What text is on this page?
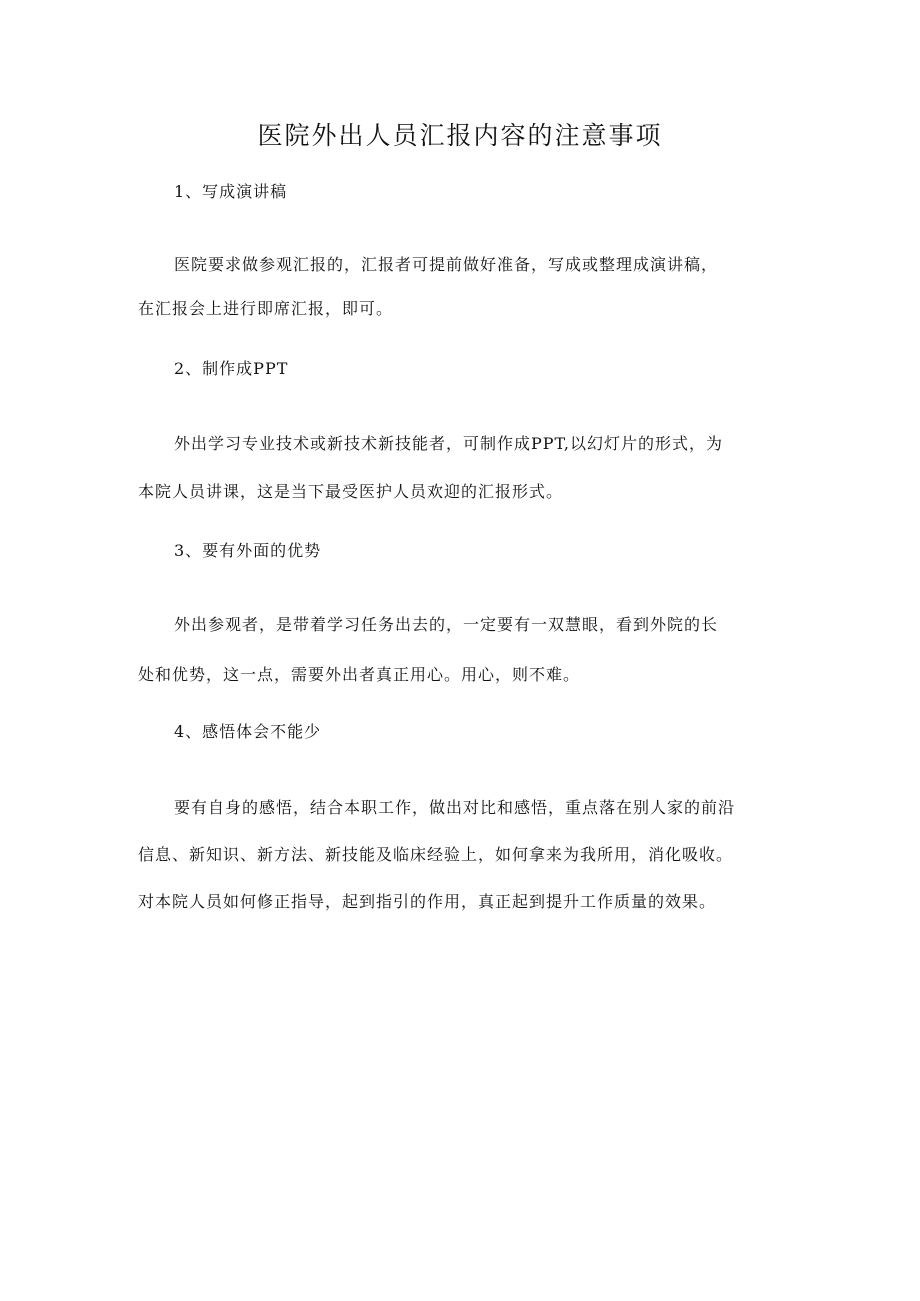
医院外出人员汇报内容的注意事项
1、写成演讲稿
医院要求做参观汇报的，汇报者可提前做好准备，写成或整理成演讲稿，
在汇报会上进行即席汇报，即可。
2、制作成PPT
外出学习专业技术或新技术新技能者，可制作成PPT,以幻灯片的形式，为
本院人员讲课，这是当下最受医护人员欢迎的汇报形式。
3、要有外面的优势
外出参观者，是带着学习任务出去的，一定要有一双慧眼，看到外院的长
处和优势，这一点，需要外出者真正用心。用心，则不难。
4、感悟体会不能少
要有自身的感悟，结合本职工作，做出对比和感悟，重点落在别人家的前沿
信息、新知识、新方法、新技能及临床经验上，如何拿来为我所用，消化吸收。
对本院人员如何修正指导，起到指引的作用，真正起到提升工作质量的效果。
